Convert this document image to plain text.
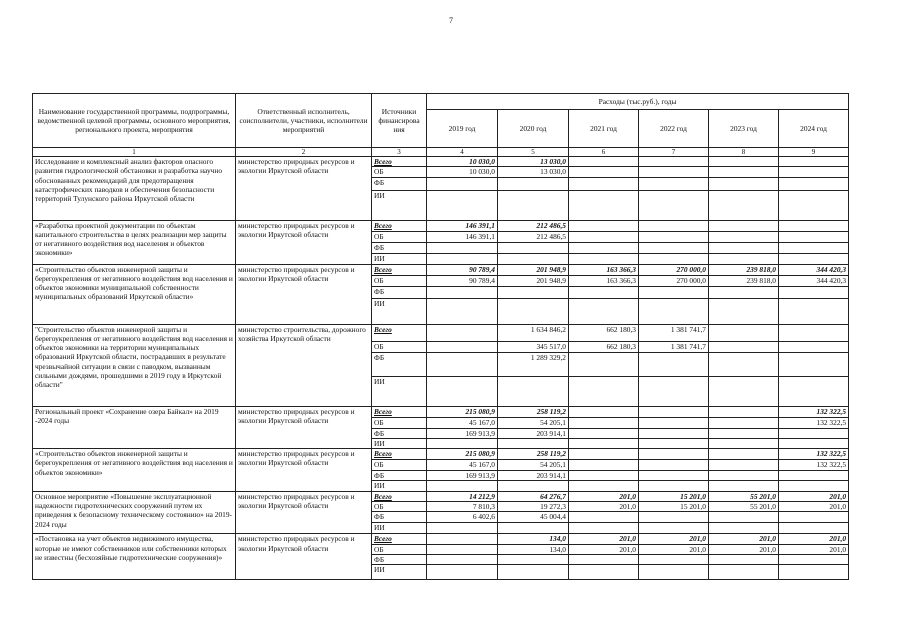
7
Наименование государственной программы, подпрограммы, ведомственной целевой программы, основного мероприятия, регионального проекта, мероприятия	Ответственный исполнитель, соисполнители, участники, исполнители мероприятий	Источники финансирова ния	Расходы (тыс.руб.), годы					
			2019 год	2020 год	2021 год	2022 год	2023 год	2024 год
1	2	3	4	5	6	7	8	9
Исследование и комплексный анализ факторов опасного развития гидрологической обстановки и разработка научно обоснованных рекомендаций для предотвращения катастрофических паводков и обеспечения безопасности территорий Тулунского района Иркутской области	министерство природных ресурсов и экологии Иркутской области	Всего	10 030,0	13 030,0				
		ОБ	10 030,0	13 030,0				
		ФБ						
		ИИ						
«Разработка проектной документации по объектам капитального строительства в целях реализации мер защиты от негативного воздействия вод населения и объектов экономики»	министерство природных ресурсов и экологии Иркутской области	Всего	146 391,1	212 486,5				
		ОБ	146 391,1	212 486,5				
		ФБ						
		ИИ						
«Строительство объектов инженерной защиты и берегоукрепления от негативного воздействия вод населения и объектов экономики муниципальной собственности муниципальных образований Иркутской области»	министерство природных ресурсов и экологии Иркутской области	Всего	90 789,4	201 948,9	163 366,3	270 000,0	239 818,0	344 420,3
		ОБ	90 789,4	201 948,9	163 366,3	270 000,0	239 818,0	344 420,3
		ФБ						
		ИИ						
"Строительство объектов инженерной защиты и берегоукрепления от негативного воздействия вод населения и объектов экономики на территории муниципальных образований Иркутской области, пострадавших в результате чрезвычайной ситуации в связи с паводком, вызванным сильными дождями, прошедшими в 2019 году в Иркутской области"	министерство строительства, дорожного хозяйства Иркутской области	Всего		1 634 846,2	662 180,3	1 381 741,7		
		ОБ		345 517,0	662 180,3	1 381 741,7		
		ФБ		1 289 329,2				
		ИИ						
Региональный проект «Сохранение озера Байкал» на 2019 -2024 годы	министерство природных ресурсов и экологии Иркутской области	Всего	215 080,9	258 119,2				132 322,5
		ОБ	45 167,0	54 205,1				132 322,5
		ФБ	169 913,9	203 914,1				
		ИИ						
«Строительство объектов инженерной защиты и берегоукрепления от негативного воздействия вод населения и объектов экономики»	министерство природных ресурсов и экологии Иркутской области	Всего	215 080,9	258 119,2				132 322,5
		ОБ	45 167,0	54 205,1				132 322,5
		ФБ	169 913,9	203 914,1				
		ИИ						
Основное мероприятие «Повышение эксплуатационной надежности гидротехнических сооружений путем их приведения к безопасному техническому состоянию» на 2019-2024 годы	министерство природных ресурсов и экологии Иркутской области	Всего	14 212,9	64 276,7	201,0	15 201,0	55 201,0	201,0
		ОБ	7 810,3	19 272,3	201,0	15 201,0	55 201,0	201,0
		ФБ	6 402,6	45 004,4				
		ИИ						
«Постановка на учет объектов недвижимого имущества, которые не имеют собственников или собственники которых не известны (бесхозяйные гидротехнические сооружения)»	министерство природных ресурсов и экологии Иркутской области	Всего		134,0	201,0	201,0	201,0	201,0
		ОБ		134,0	201,0	201,0	201,0	201,0
		ФБ						
		ИИ						
